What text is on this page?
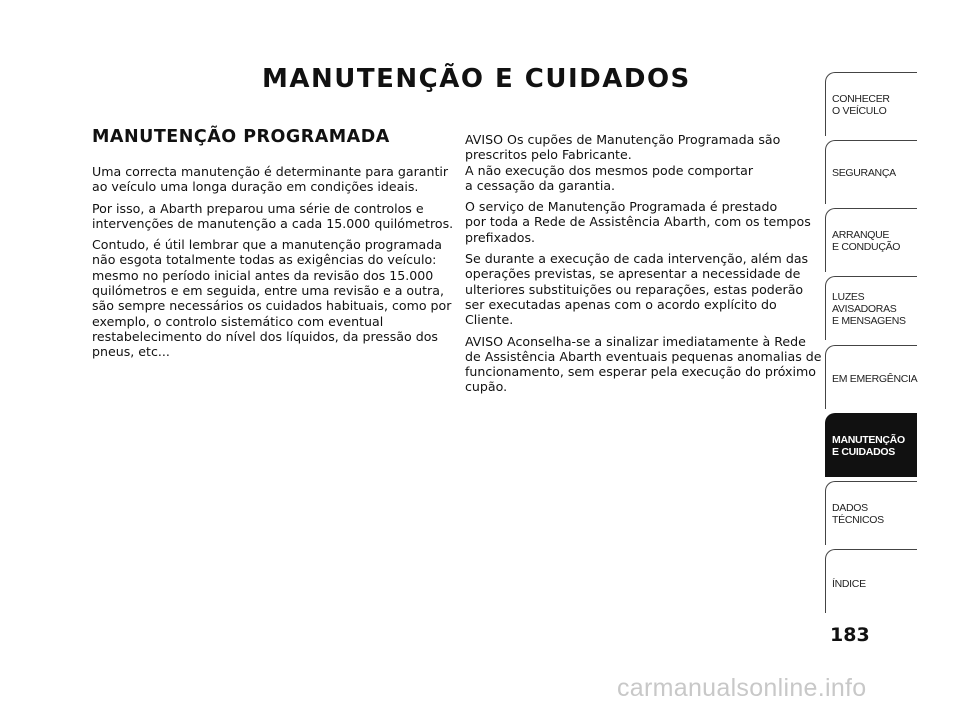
MANUTENÇÃO E CUIDADOS
MANUTENÇÃO PROGRAMADA

Uma correcta manutenção é determinante para garantir
ao veículo uma longa duração em condições ideais.

Por isso, a Abarth preparou uma série de controlos e
intervenções de manutenção a cada 15.000 quilómetros.

Contudo, é útil lembrar que a manutenção programada
não esgota totalmente todas as exigências do veículo:
mesmo no período inicial antes da revisão dos 15.000
quilómetros e em seguida, entre uma revisão e a outra,
são sempre necessários os cuidados habituais, como por
exemplo, o controlo sistemático com eventual
restabelecimento do nível dos líquidos, da pressão dos
pneus, etc...

AVISO Os cupões de Manutenção Programada são
prescritos pelo Fabricante.
A não execução dos mesmos pode comportar
a cessação da garantia.

O serviço de Manutenção Programada é prestado
por toda a Rede de Assistência Abarth, com os tempos
prefixados.

Se durante a execução de cada intervenção, além das
operações previstas, se apresentar a necessidade de
ulteriores substituições ou reparações, estas poderão
ser executadas apenas com o acordo explícito do
Cliente.

AVISO Aconselha-se a sinalizar imediatamente à Rede
de Assistência Abarth eventuais pequenas anomalias de
funcionamento, sem esperar pela execução do próximo
cupão.

CONHECER
O VEÍCULO
SEGURANÇA
ARRANQUE
E CONDUÇÃO
LUZES
AVISADORAS
E MENSAGENS
EM EMERGÊNCIA
MANUTENÇÃO
E CUIDADOS
DADOS
TÉCNICOS
ÍNDICE
183
carmanualsonline.info
